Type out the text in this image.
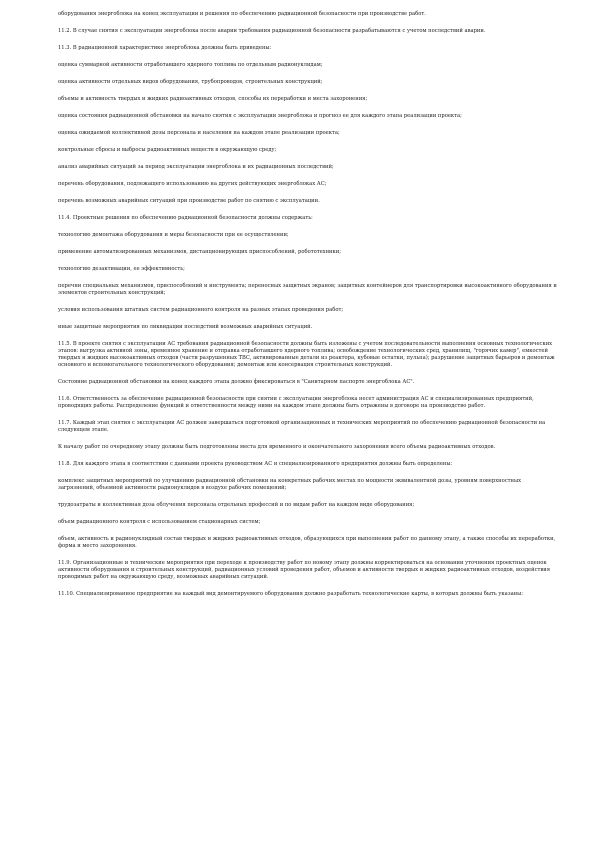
оборудования энергоблока на конец эксплуатации и решения по обеспечению радиационной безопасности при производстве работ.

11.2. В случае снятия с эксплуатации энергоблока после аварии требования радиационной безопасности разрабатываются с учетом последствий аварии.

11.3. В радиационной характеристике энергоблока должны быть приведены:

оценка суммарной активности отработавшего ядерного топлива по отдельным радионуклидам;

оценка активности отдельных видов оборудования, трубопроводов, строительных конструкций;

объемы и активность твердых и жидких радиоактивных отходов, способы их переработки и места захоронения;

оценка состояния радиационной обстановки на начало снятия с эксплуатации энергоблока и прогноз ее для каждого этапа реализации проекта;

оценка ожидаемой коллективной дозы персонала и населения на каждом этапе реализации проекта;

контрольные сбросы и выбросы радиоактивных веществ в окружающую среду;

анализ аварийных ситуаций за период эксплуатации энергоблока и их радиационных последствий;

перечень оборудования, подлежащего использованию на других действующих энергоблоках АС;

перечень возможных аварийных ситуаций при производстве работ по снятию с эксплуатации.

11.4. Проектные решения по обеспечению радиационной безопасности должны содержать:

технологию демонтажа оборудования и меры безопасности при ее осуществлении;

применение автоматизированных механизмов, дистанционирующих приспособлений, робототехники;

технологию дезактивации, ее эффективность;

перечни специальных механизмов, приспособлений и инструмента; переносных защитных экранов; защитных контейнеров для транспортировки высокоактивного оборудования и элементов строительных конструкций;

условия использования штатных систем радиационного контроля на разных этапах проведения работ;

иные защитные мероприятия по ликвидации последствий возможных аварийных ситуаций.

11.5. В проекте снятия с эксплуатации АС требования радиационной безопасности должны быть изложены с учетом последовательности выполнения основных технологических этапов: выгрузка активной зоны, временное хранение и отправка отработавшего ядерного топлива; освобождение технологических сред, хранилищ, "горячих камер", емкостей твердых и жидких высокоактивных отходов (части разрушенных ТВС, активированные детали из реактора, кубовые остатки, пульпа); разрушение защитных барьеров и демонтаж основного и вспомогательного технологического оборудования; демонтаж или консервация строительных конструкций.

Состояние радиационной обстановки на конец каждого этапа должно фиксироваться в "Санитарном паспорте энергоблока АС".

11.6. Ответственность за обеспечение радиационной безопасности при снятии с эксплуатации энергоблока несет администрация АС и специализированных предприятий, проводящих работы. Распределение функций и ответственности между ними на каждом этапе должны быть отражены в договоре на производство работ.

11.7. Каждый этап снятия с эксплуатации АС должен завершаться подготовкой организационных и технических мероприятий по обеспечению радиационной безопасности на следующем этапе.

К началу работ по очередному этапу должны быть подготовлены места для временного и окончательного захоронения всего объема радиоактивных отходов.

11.8. Для каждого этапа в соответствии с данными проекта руководством АС и специализированного предприятия должны быть определены:

комплекс защитных мероприятий по улучшению радиационной обстановки на конкретных рабочих местах по мощности эквивалентной дозы, уровням поверхностных загрязнений, объемной активности радионуклидов в воздухе рабочих помещений;

трудозатраты и коллективная доза облучения персонала отдельных профессий и по видам работ на каждом виде оборудования;

объем радиационного контроля с использованием стационарных систем;

объем, активность и радионуклидный состав твердых и жидких радиоактивных отходов, образующихся при выполнении работ по данному этапу, а также способы их переработки, форма и место захоронения.

11.9. Организационные и технические мероприятия при переходе к производству работ по новому этапу должны корректироваться на основании уточнения проектных оценок активности оборудования и строительных конструкций, радиационных условий проведения работ, объемов и активности твердых и жидких радиоактивных отходов, воздействия проводимых работ на окружающую среду, возможных аварийных ситуаций.

11.10. Специализированное предприятие на каждый вид демонтируемого оборудования должно разработать технологические карты, в которых должны быть указаны:
